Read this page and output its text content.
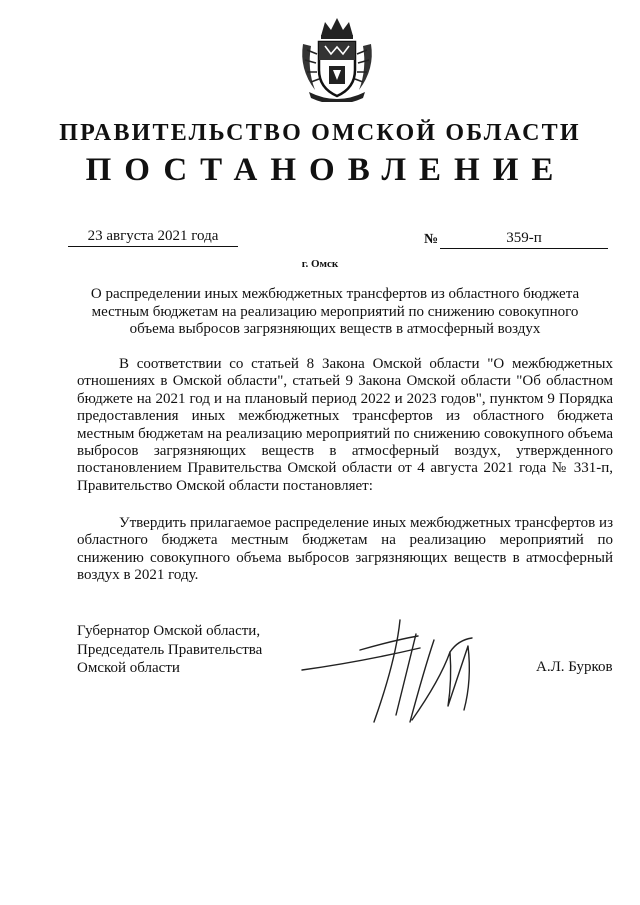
ПРАВИТЕЛЬСТВО ОМСКОЙ ОБЛАСТИ
ПОСТАНОВЛЕНИЕ
23 августа 2021 года	№	359-п
г. Омск
О распределении иных межбюджетных трансфертов из областного бюджета местным бюджетам на реализацию мероприятий по снижению совокупного объема выбросов загрязняющих веществ в атмосферный воздух
В соответствии со статьей 8 Закона Омской области "О межбюджетных отношениях в Омской области", статьей 9 Закона Омской области "Об областном бюджете на 2021 год и на плановый период 2022 и 2023 годов", пунктом 9 Порядка предоставления иных межбюджетных трансфертов из областного бюджета местным бюджетам на реализацию мероприятий по снижению совокупного объема выбросов загрязняющих веществ в атмосферный воздух, утвержденного постановлением Правительства Омской области от 4 августа 2021 года № 331-п, Правительство Омской области постановляет:
Утвердить прилагаемое распределение иных межбюджетных трансфертов из областного бюджета местным бюджетам на реализацию мероприятий по снижению совокупного объема выбросов загрязняющих веществ в атмосферный воздух в 2021 году.
Губернатор Омской области,
Председатель Правительства
Омской области	А.Л. Бурков
